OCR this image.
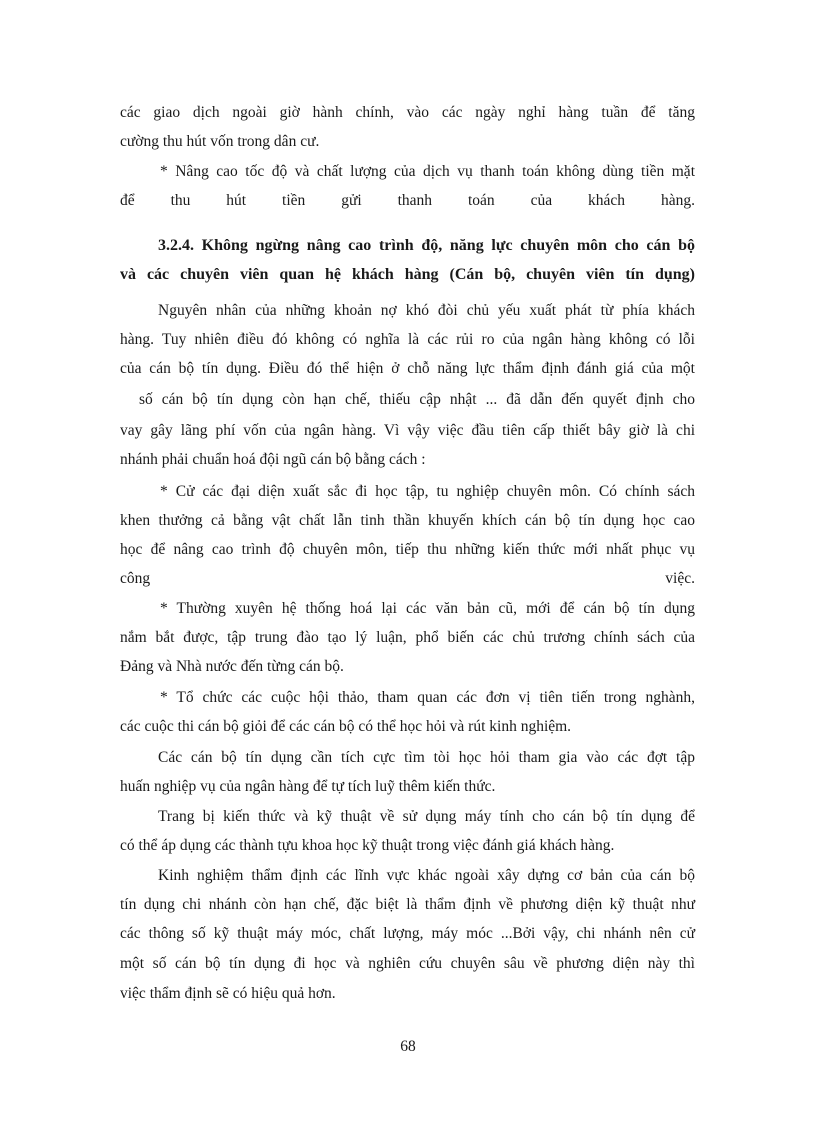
các giao dịch ngoài giờ hành chính, vào các ngày nghỉ hàng tuần để tăng
cường thu hút vốn trong dân cư.
* Nâng cao tốc độ và chất lượng của dịch vụ thanh toán không dùng tiền mặt
để thu hút tiền gửi thanh toán của khách hàng.
3.2.4. Không ngừng nâng cao trình độ, năng lực chuyên môn cho cán bộ
và các chuyên viên quan hệ khách hàng (Cán bộ, chuyên viên tín dụng)
Nguyên nhân của những khoản nợ khó đòi chủ yếu xuất phát từ phía khách
hàng. Tuy nhiên điều đó không có nghĩa là các rủi ro của ngân hàng không có lỗi
của cán bộ tín dụng. Điều đó thể hiện ở chỗ năng lực thẩm định đánh giá của một
số cán bộ tín dụng còn hạn chế, thiếu cập nhật ... đã dẫn đến quyết định cho
vay gây lãng phí vốn của ngân hàng. Vì vậy việc đầu tiên cấp thiết bây giờ là chi
nhánh phải chuẩn hoá đội ngũ cán bộ bằng cách :
* Cử các đại diện xuất sắc đi học tập, tu nghiệp chuyên môn. Có chính sách
khen thưởng cả bằng vật chất lẫn tinh thần khuyến khích cán bộ tín dụng học cao
học để nâng cao trình độ chuyên môn, tiếp thu những kiến thức mới nhất phục vụ
công việc.
* Thường xuyên hệ thống hoá lại các văn bản cũ, mới để cán bộ tín dụng
nắm bắt được, tập trung đào tạo lý luận, phổ biến các chủ trương chính sách của
Đảng và Nhà nước đến từng cán bộ.
* Tổ chức các cuộc hội thảo, tham quan các đơn vị tiên tiến trong nghành,
các cuộc thi cán bộ giỏi để các cán bộ có thể học hỏi và rút kinh nghiệm.
Các cán bộ tín dụng cần tích cực tìm tòi học hỏi tham gia vào các đợt tập
huấn nghiệp vụ của ngân hàng để tự tích luỹ thêm kiến thức.
Trang bị kiến thức và kỹ thuật về sử dụng máy tính cho cán bộ tín dụng để
có thể áp dụng các thành tựu khoa học kỹ thuật trong việc đánh giá khách hàng.
Kinh nghiệm thẩm định các lĩnh vực khác ngoài xây dựng cơ bản của cán bộ
tín dụng chi nhánh còn hạn chế, đặc biệt là thẩm định về phương diện kỹ thuật như
các thông số kỹ thuật máy móc, chất lượng, máy móc ...Bởi vậy, chi nhánh nên cử
một số cán bộ tín dụng đi học và nghiên cứu chuyên sâu về phương diện này thì
việc thẩm định sẽ có hiệu quả hơn.
68
